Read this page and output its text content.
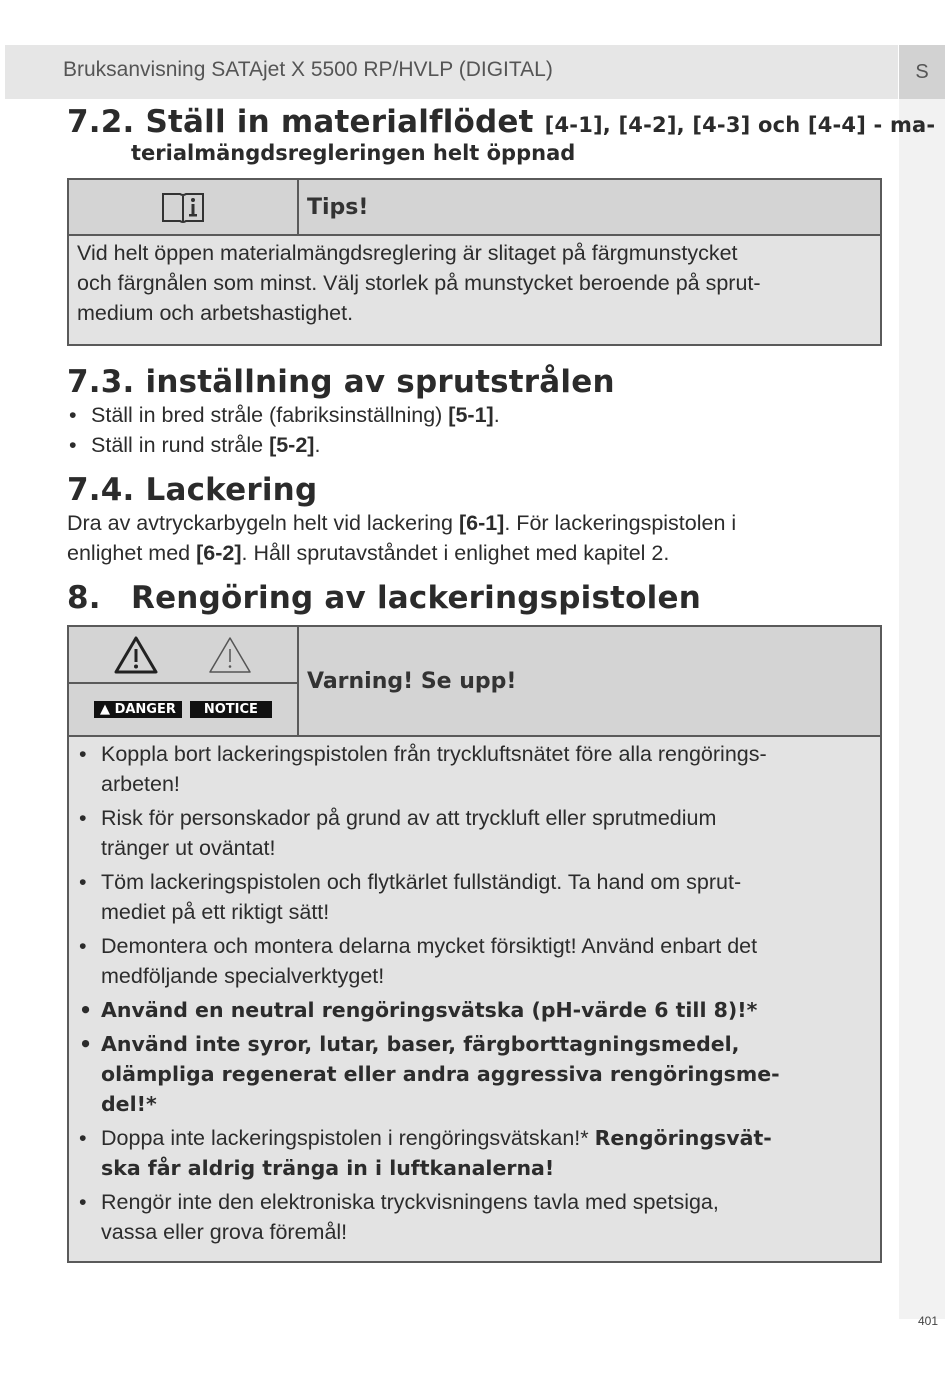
Bruksanvisning SATAjet X 5500 RP/HVLP (DIGITAL)	S
7.2. Ställ in materialflödet [4-1], [4-2], [4-3] och [4-4] - ma-
terialmängdsregleringen helt öppnad
Tips!
Vid helt öppen materialmängdsreglering är slitaget på färgmunstycket
och färgnålen som minst. Välj storlek på munstycket beroende på sprut-
medium och arbetshastighet.
7.3. inställning av sprutstrålen
• Ställ in bred stråle (fabriksinställning) [5-1].
• Ställ in rund stråle [5-2].
7.4. Lackering
Dra av avtryckarbygeln helt vid lackering [6-1]. För lackeringspistolen i
enlighet med [6-2]. Håll sprutavståndet i enlighet med kapitel 2.
8. Rengöring av lackeringspistolen
▲ DANGER	NOTICE
Varning! Se upp!
• Koppla bort lackeringspistolen från tryckluftsnätet före alla rengörings-
arbeten!
• Risk för personskador på grund av att tryckluft eller sprutmedium
tränger ut oväntat!
• Töm lackeringspistolen och flytkärlet fullständigt. Ta hand om sprut-
mediet på ett riktigt sätt!
• Demontera och montera delarna mycket försiktigt! Använd enbart det
medföljande specialverktyget!
• Använd en neutral rengöringsvätska (pH-värde 6 till 8)!*
• Använd inte syror, lutar, baser, färgborttagningsmedel,
olämpliga regenerat eller andra aggressiva rengöringsme-
del!*
• Doppa inte lackeringspistolen i rengöringsvätskan!* Rengöringsvät-
ska får aldrig tränga in i luftkanalerna!
• Rengör inte den elektroniska tryckvisningens tavla med spetsiga,
vassa eller grova föremål!
401
